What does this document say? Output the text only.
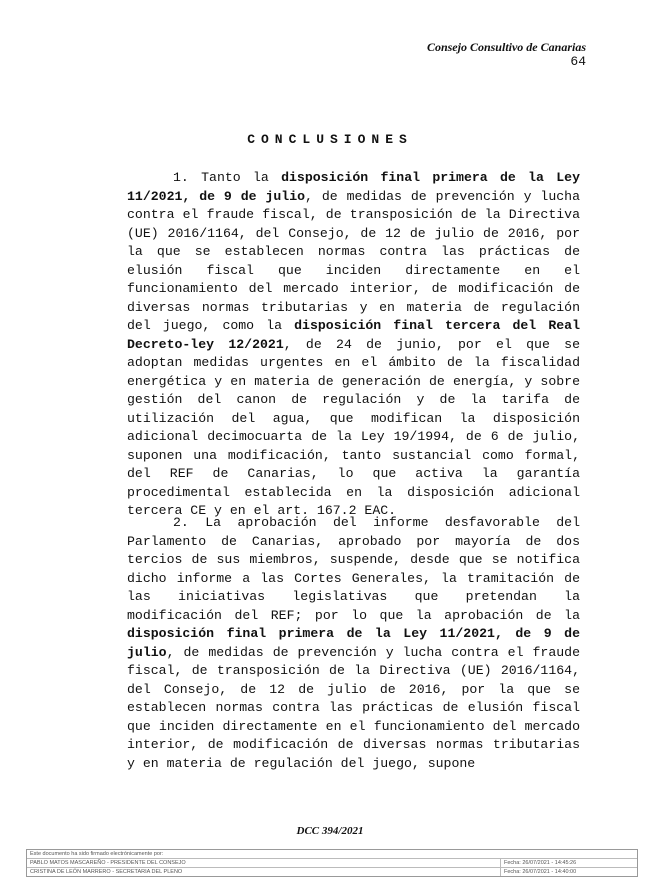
Consejo Consultivo de Canarias
64
CONCLUSIONES
1. Tanto la disposición final primera de la Ley 11/2021, de 9 de julio, de medidas de prevención y lucha contra el fraude fiscal, de transposición de la Directiva (UE) 2016/1164, del Consejo, de 12 de julio de 2016, por la que se establecen normas contra las prácticas de elusión fiscal que inciden directamente en el funcionamiento del mercado interior, de modificación de diversas normas tributarias y en materia de regulación del juego, como la disposición final tercera del Real Decreto-ley 12/2021, de 24 de junio, por el que se adoptan medidas urgentes en el ámbito de la fiscalidad energética y en materia de generación de energía, y sobre gestión del canon de regulación y de la tarifa de utilización del agua, que modifican la disposición adicional decimocuarta de la Ley 19/1994, de 6 de julio, suponen una modificación, tanto sustancial como formal, del REF de Canarias, lo que activa la garantía procedimental establecida en la disposición adicional tercera CE y en el art. 167.2 EAC.
2. La aprobación del informe desfavorable del Parlamento de Canarias, aprobado por mayoría de dos tercios de sus miembros, suspende, desde que se notifica dicho informe a las Cortes Generales, la tramitación de las iniciativas legislativas que pretendan la modificación del REF; por lo que la aprobación de la disposición final primera de la Ley 11/2021, de 9 de julio, de medidas de prevención y lucha contra el fraude fiscal, de transposición de la Directiva (UE) 2016/1164, del Consejo, de 12 de julio de 2016, por la que se establecen normas contra las prácticas de elusión fiscal que inciden directamente en el funcionamiento del mercado interior, de modificación de diversas normas tributarias y en materia de regulación del juego, supone
DCC 394/2021
Este documento ha sido firmado electrónicamente por:
PABLO MATOS MASCAREÑO - PRESIDENTE DEL CONSEJO	Fecha: 26/07/2021 - 14:45:26
CRISTINA DE LEÓN MARRERO - SECRETARIA DEL PLENO	Fecha: 26/07/2021 - 14:40:00
